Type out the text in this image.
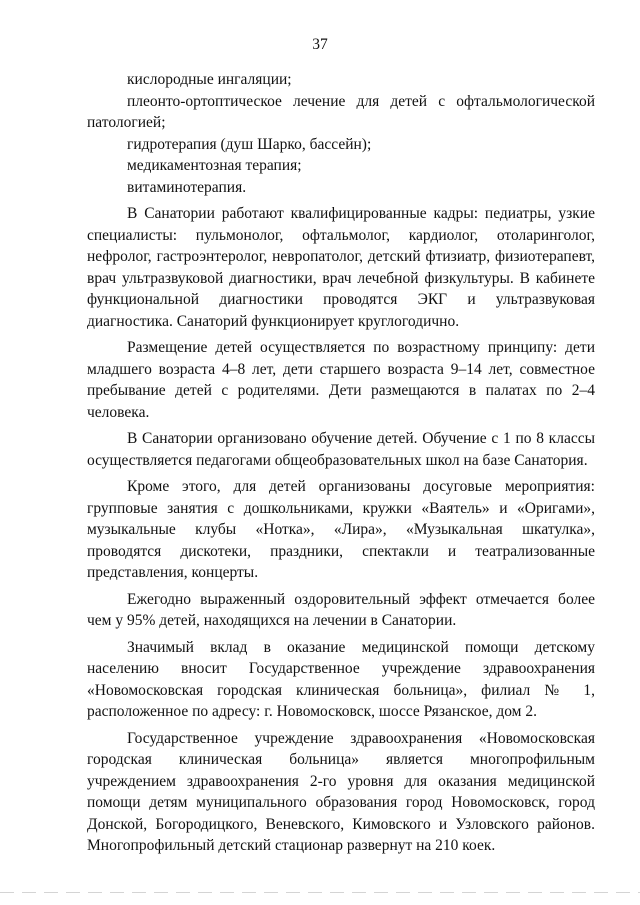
37

кислородные ингаляции;

плеонто-ортоптическое лечение для детей с офтальмологической патологией;

гидротерапия (душ Шарко, бассейн);

медикаментозная терапия;

витаминотерапия.

В Санатории работают квалифицированные кадры: педиатры, узкие специалисты: пульмонолог, офтальмолог, кардиолог, отоларинголог, нефролог, гастроэнтеролог, невропатолог, детский фтизиатр, физиотерапевт, врач ультразвуковой диагностики, врач лечебной физкультуры. В кабинете функциональной диагностики проводятся ЭКГ и ультразвуковая диагностика. Санаторий функционирует круглогодично.

Размещение детей осуществляется по возрастному принципу: дети младшего возраста 4–8 лет, дети старшего возраста 9–14 лет, совместное пребывание детей с родителями. Дети размещаются в палатах по 2–4 человека.

В Санатории организовано обучение детей. Обучение с 1 по 8 классы осуществляется педагогами общеобразовательных школ на базе Санатория.

Кроме этого, для детей организованы досуговые мероприятия: групповые занятия с дошкольниками, кружки «Ваятель» и «Оригами», музыкальные клубы «Нотка», «Лира», «Музыкальная шкатулка», проводятся дискотеки, праздники, спектакли и театрализованные представления, концерты.

Ежегодно выраженный оздоровительный эффект отмечается более чем у 95% детей, находящихся на лечении в Санатории.

Значимый вклад в оказание медицинской помощи детскому населению вносит Государственное учреждение здравоохранения «Новомосковская городская клиническая больница», филиал № 1, расположенное по адресу: г. Новомосковск, шоссе Рязанское, дом 2.

Государственное учреждение здравоохранения «Новомосковская городская клиническая больница» является многопрофильным учреждением здравоохранения 2-го уровня для оказания медицинской помощи детям муниципального образования город Новомосковск, город Донской, Богородицкого, Веневского, Кимовского и Узловского районов. Многопрофильный детский стационар развернут на 210 коек.
